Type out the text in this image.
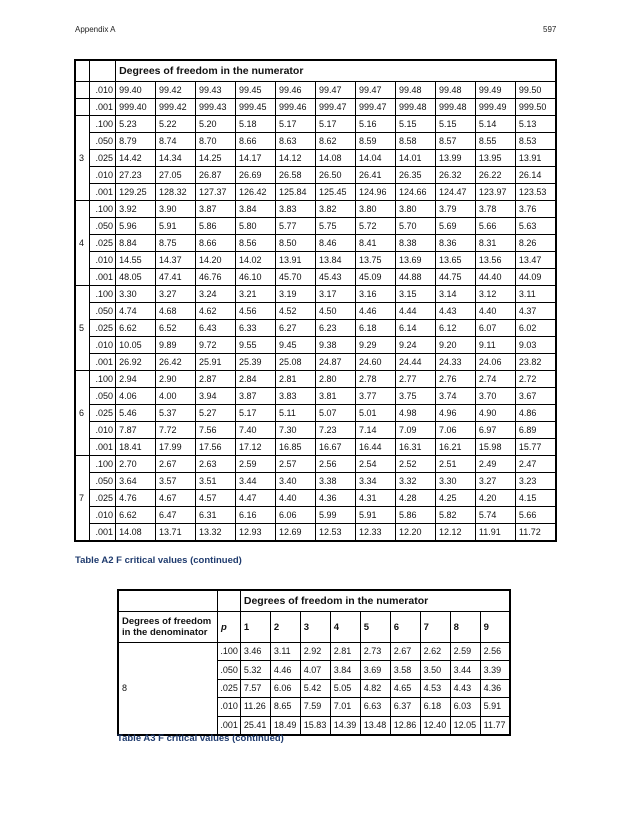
Appendix A	597
		Degrees of freedom in the numerator										
	.010	99.40	99.42	99.43	99.45	99.46	99.47	99.47	99.48	99.48	99.49	99.50
	.001	999.40	999.42	999.43	999.45	999.46	999.47	999.47	999.48	999.48	999.49	999.50
3	.100	5.23	5.22	5.20	5.18	5.17	5.17	5.16	5.15	5.15	5.14	5.13
	.050	8.79	8.74	8.70	8.66	8.63	8.62	8.59	8.58	8.57	8.55	8.53
	.025	14.42	14.34	14.25	14.17	14.12	14.08	14.04	14.01	13.99	13.95	13.91
	.010	27.23	27.05	26.87	26.69	26.58	26.50	26.41	26.35	26.32	26.22	26.14
	.001	129.25	128.32	127.37	126.42	125.84	125.45	124.96	124.66	124.47	123.97	123.53
4	.100	3.92	3.90	3.87	3.84	3.83	3.82	3.80	3.80	3.79	3.78	3.76
	.050	5.96	5.91	5.86	5.80	5.77	5.75	5.72	5.70	5.69	5.66	5.63
	.025	8.84	8.75	8.66	8.56	8.50	8.46	8.41	8.38	8.36	8.31	8.26
	.010	14.55	14.37	14.20	14.02	13.91	13.84	13.75	13.69	13.65	13.56	13.47
	.001	48.05	47.41	46.76	46.10	45.70	45.43	45.09	44.88	44.75	44.40	44.09
5	.100	3.30	3.27	3.24	3.21	3.19	3.17	3.16	3.15	3.14	3.12	3.11
	.050	4.74	4.68	4.62	4.56	4.52	4.50	4.46	4.44	4.43	4.40	4.37
	.025	6.62	6.52	6.43	6.33	6.27	6.23	6.18	6.14	6.12	6.07	6.02
	.010	10.05	9.89	9.72	9.55	9.45	9.38	9.29	9.24	9.20	9.11	9.03
	.001	26.92	26.42	25.91	25.39	25.08	24.87	24.60	24.44	24.33	24.06	23.82
6	.100	2.94	2.90	2.87	2.84	2.81	2.80	2.78	2.77	2.76	2.74	2.72
	.050	4.06	4.00	3.94	3.87	3.83	3.81	3.77	3.75	3.74	3.70	3.67
	.025	5.46	5.37	5.27	5.17	5.11	5.07	5.01	4.98	4.96	4.90	4.86
	.010	7.87	7.72	7.56	7.40	7.30	7.23	7.14	7.09	7.06	6.97	6.89
	.001	18.41	17.99	17.56	17.12	16.85	16.67	16.44	16.31	16.21	15.98	15.77
7	.100	2.70	2.67	2.63	2.59	2.57	2.56	2.54	2.52	2.51	2.49	2.47
	.050	3.64	3.57	3.51	3.44	3.40	3.38	3.34	3.32	3.30	3.27	3.23
	.025	4.76	4.67	4.57	4.47	4.40	4.36	4.31	4.28	4.25	4.20	4.15
	.010	6.62	6.47	6.31	6.16	6.06	5.99	5.91	5.86	5.82	5.74	5.66
	.001	14.08	13.71	13.32	12.93	12.69	12.53	12.33	12.20	12.12	11.91	11.72
Table A2 F critical values (continued)
		Degrees of freedom in the numerator								
Degrees of freedom in the denominator	p	1	2	3	4	5	6	7	8	9
8	.100	3.46	3.11	2.92	2.81	2.73	2.67	2.62	2.59	2.56
	.050	5.32	4.46	4.07	3.84	3.69	3.58	3.50	3.44	3.39
	.025	7.57	6.06	5.42	5.05	4.82	4.65	4.53	4.43	4.36
	.010	11.26	8.65	7.59	7.01	6.63	6.37	6.18	6.03	5.91
	.001	25.41	18.49	15.83	14.39	13.48	12.86	12.40	12.05	11.77
Table A3 F critical values (continued)
